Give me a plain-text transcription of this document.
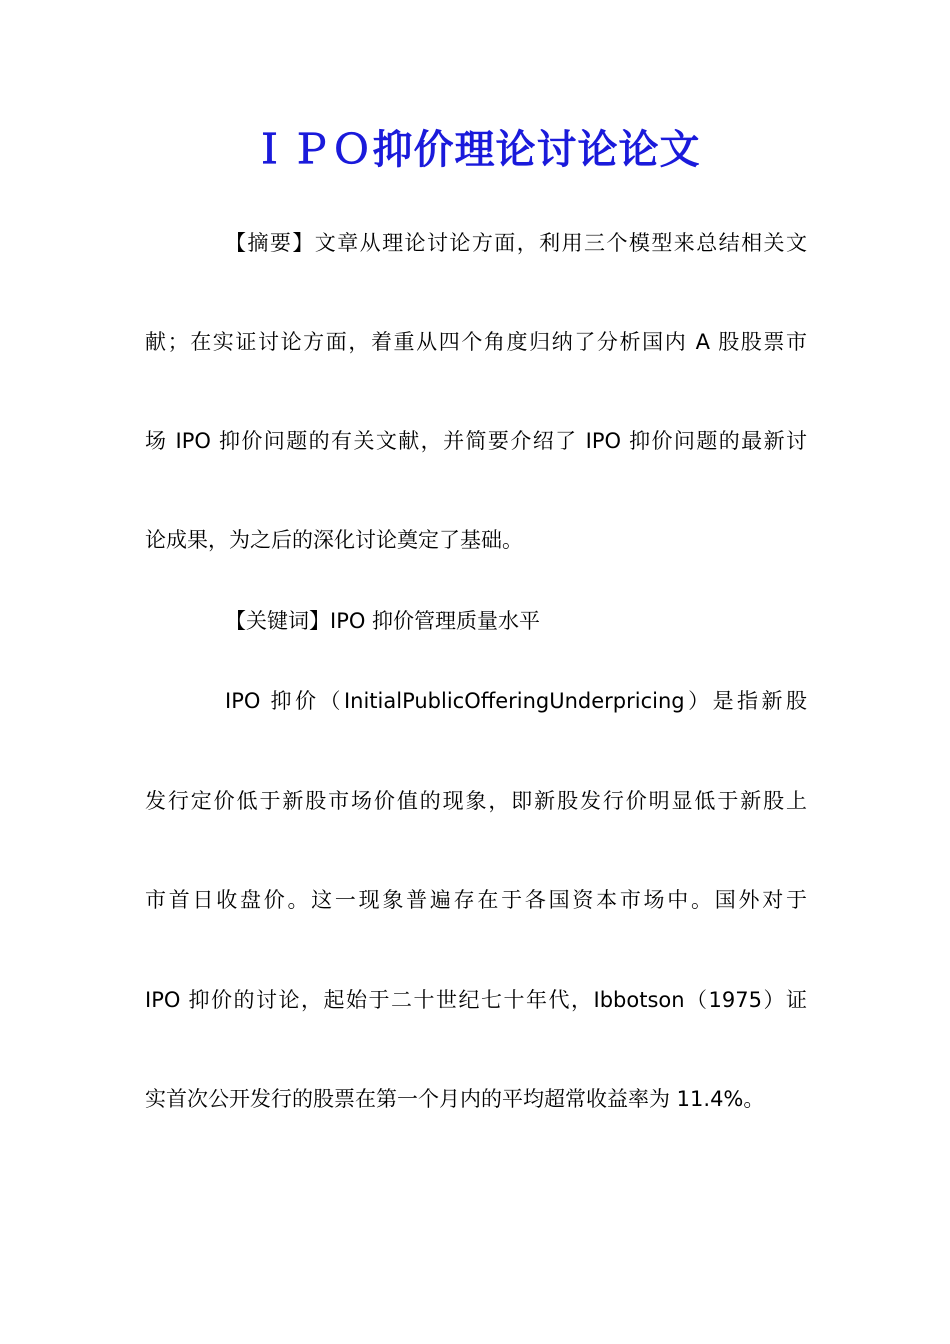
ＩＰＯ抑价理论讨论论文
【摘要】文章从理论讨论方面，利用三个模型来总结相关文
献；在实证讨论方面，着重从四个角度归纳了分析国内 A 股股票市
场 IPO 抑价问题的有关文献，并简要介绍了 IPO 抑价问题的最新讨
论成果，为之后的深化讨论奠定了基础。
【关键词】IPO 抑价管理质量水平
IPO 抑价（InitialPublicOfferingUnderpricing）是指新股
发行定价低于新股市场价值的现象，即新股发行价明显低于新股上
市首日收盘价。这一现象普遍存在于各国资本市场中。国外对于
IPO 抑价的讨论，起始于二十世纪七十年代，Ibbotson（1975）证
实首次公开发行的股票在第一个月内的平均超常收益率为 11.4%。
